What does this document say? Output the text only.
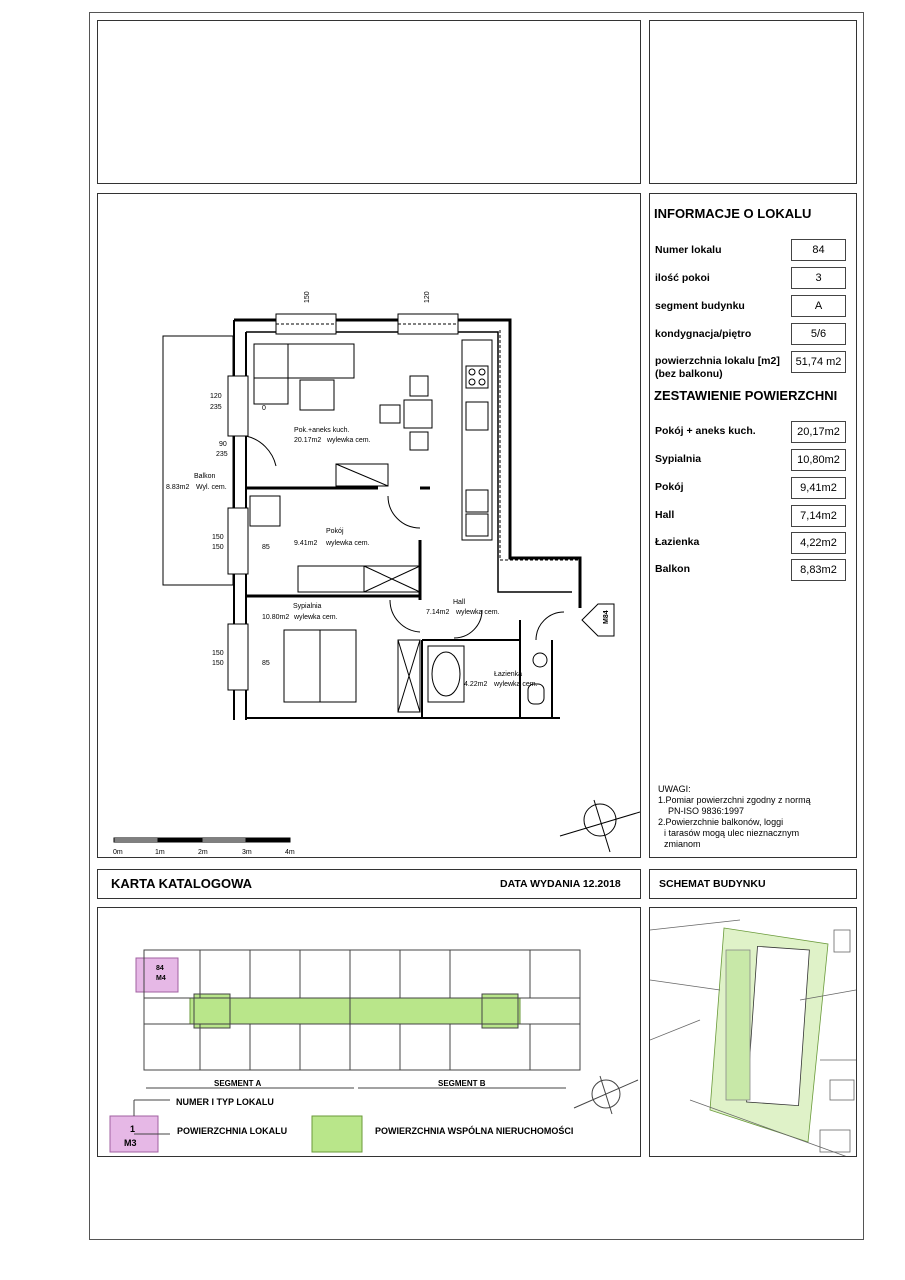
INFORMACJE O LOKALU
Numer lokalu	84
ilość pokoi	3
segment budynku	A
kondygnacja/piętro	5/6
powierzchnia lokalu [m2]
(bez balkonu)
51,74 m2
ZESTAWIENIE POWIERZCHNI
Pokój + aneks kuch.	20,17m2
Sypialnia	10,80m2
Pokój	9,41m2
Hall	7,14m2
Łazienka	4,22m2
Balkon	8,83m2
UWAGI:
1.Pomiar powierzchni zgodny z normą
PN-ISO 9836:1997
2.Powierzchnie balkonów, loggi
i tarasów mogą ulec nieznacznym
zmianom
Pok.+aneks kuch.
20.17m2 wylewka cem.
Balkon
8.83m2 Wyl. cem.
Pokój
9.41m2 wylewka cem.
Sypialnia
10.80m2 wylewka cem.
Hall
7.14m2 wylewka cem.
Łazienka
4.22m2 wylewka cem.
M84
120
235
90
235
150
150	85
150
150	85
0
150	120
0m	1m	2m	3m	4m
KARTA KATALOGOWA	DATA WYDANIA 12.2018	SCHEMAT BUDYNKU
SEGMENT A	SEGMENT B
84
M4
1
M3
NUMER I TYP LOKALU
POWIERZCHNIA LOKALU	POWIERZCHNIA WSPÓLNA NIERUCHOMOŚCI
